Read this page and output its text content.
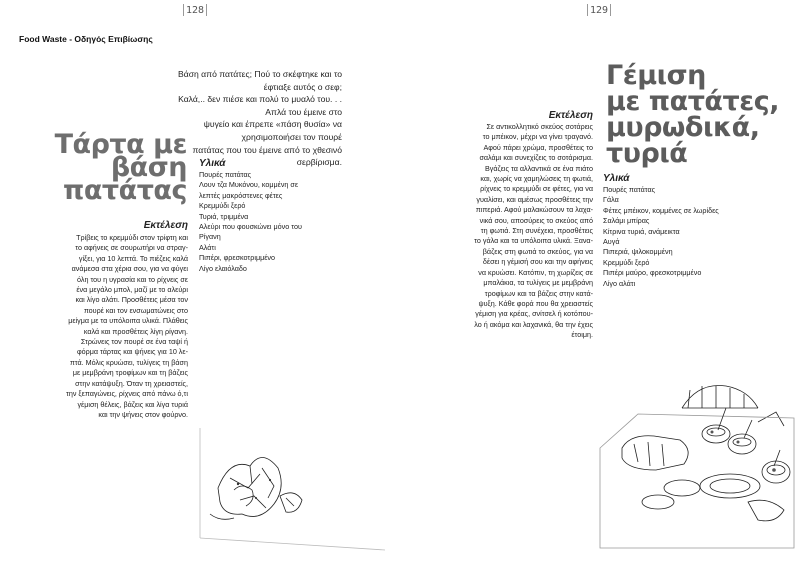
128	129
Food Waste - Οδηγός Επιβίωσης
Βάση από πατάτες; Πού το σκέφτηκε και το έφτιαξε αυτός ο σεφ;
Καλά,.. δεν πιέσε και πολύ το μυαλό του. . . Απλά του έμεινε στο
ψυγείο και έπρεπε «πάση θυσία» να χρησιμοποιήσει τον πουρέ
πατάτας που του έμεινε από το χθεσινό σερβίρισμα.
Τάρτα με
βάση
πατάτας
Υλικά
Πουρές πατάτας
Λουν τζα Μυκόνου, κομμένη σε
λεπτές μακρόστενες φέτες
Κρεμμύδι ξερό
Τυριά, τριμμένα
Αλεύρι που φουσκώνει μόνο του
Ρίγανη
Αλάτι
Πιπέρι, φρεσκοτριμμένο
Λίγο ελαιόλαδο
Εκτέλεση
Τρίβεις το κρεμμύδι στον τρίφτη και
το αφήνεις σε σουρωτήρι να στραγ-
γίξει, για 10 λεπτά. Το πιέζεις καλά
ανάμεσα στα χέρια σου, για να φύγει
όλη του η υγρασία και το ρίχνεις σε
ένα μεγάλο μπολ, μαζί με το αλεύρι
και λίγο αλάτι. Προσθέτεις μέσα τον
πουρέ και τον ενσωματώνεις στο
μείγμα με τα υπόλοιπα υλικά. Πλάθεις
καλά και προσθέτεις λίγη ρίγανη.
Στρώνεις τον πουρέ σε ένα ταψί ή
φόρμα τάρτας και ψήνεις για 10 λε-
πτά. Μόλις κρυώσει, τυλίγεις τη βάση
με μεμβράνη τροφίμων και τη βάζεις
στην κατάψυξη. Όταν τη χρειαστείς,
την ξεπαγώνεις, ρίχνεις από πάνω ό,τι
γέμιση θέλεις, βάζεις και λίγα τυριά
και την ψήνεις στον φούρνο.
Γέμιση
με πατάτες,
μυρωδικά,
τυριά
Εκτέλεση
Σε αντικολλητικό σκεύος σοτάρεις
το μπέικον, μέχρι να γίνει τραγανό.
Αφού πάρει χρώμα, προσθέτεις το
σαλάμι και συνεχίζεις το σοτάρισμα.
Βγάζεις τα αλλαντικά σε ένα πιάτο
και, χωρίς να χαμηλώσεις τη φωτιά,
ρίχνεις το κρεμμύδι σε φέτες, για να
γυαλίσει, και αμέσως προσθέτεις την
πιπεριά. Αφού μαλακώσουν τα λαχα-
νικά σου, αποσύρεις το σκεύος από
τη φωτιά. Στη συνέχεια, προσθέτεις
το γάλα και τα υπόλοιπα υλικά. Ξανα-
βάζεις στη φωτιά το σκεύος, για να
δέσει η γέμισή σου και την αφήνεις
να κρυώσει. Κατόπιν, τη χωρίζεις σε
μπαλάκια, τα τυλίγεις με μεμβράνη
τροφίμων και τα βάζεις στην κατά-
ψυξη. Κάθε φορά που θα χρειαστείς
γέμιση για κρέας, σνίτσελ ή κοτόπου-
λο ή ακόμα και λαχανικά, θα την έχεις
έτοιμη.
Υλικά
Πουρές πατάτας
Γάλα
Φέτες μπέικον, κομμένες σε λωρίδες
Σαλάμι μπίρας
Κίτρινα τυριά, ανάμεικτα
Αυγά
Πιπεριά, ψιλοκομμένη
Κρεμμύδι ξερό
Πιπέρι μαύρο, φρεσκοτριμμένο
Λίγο αλάτι
